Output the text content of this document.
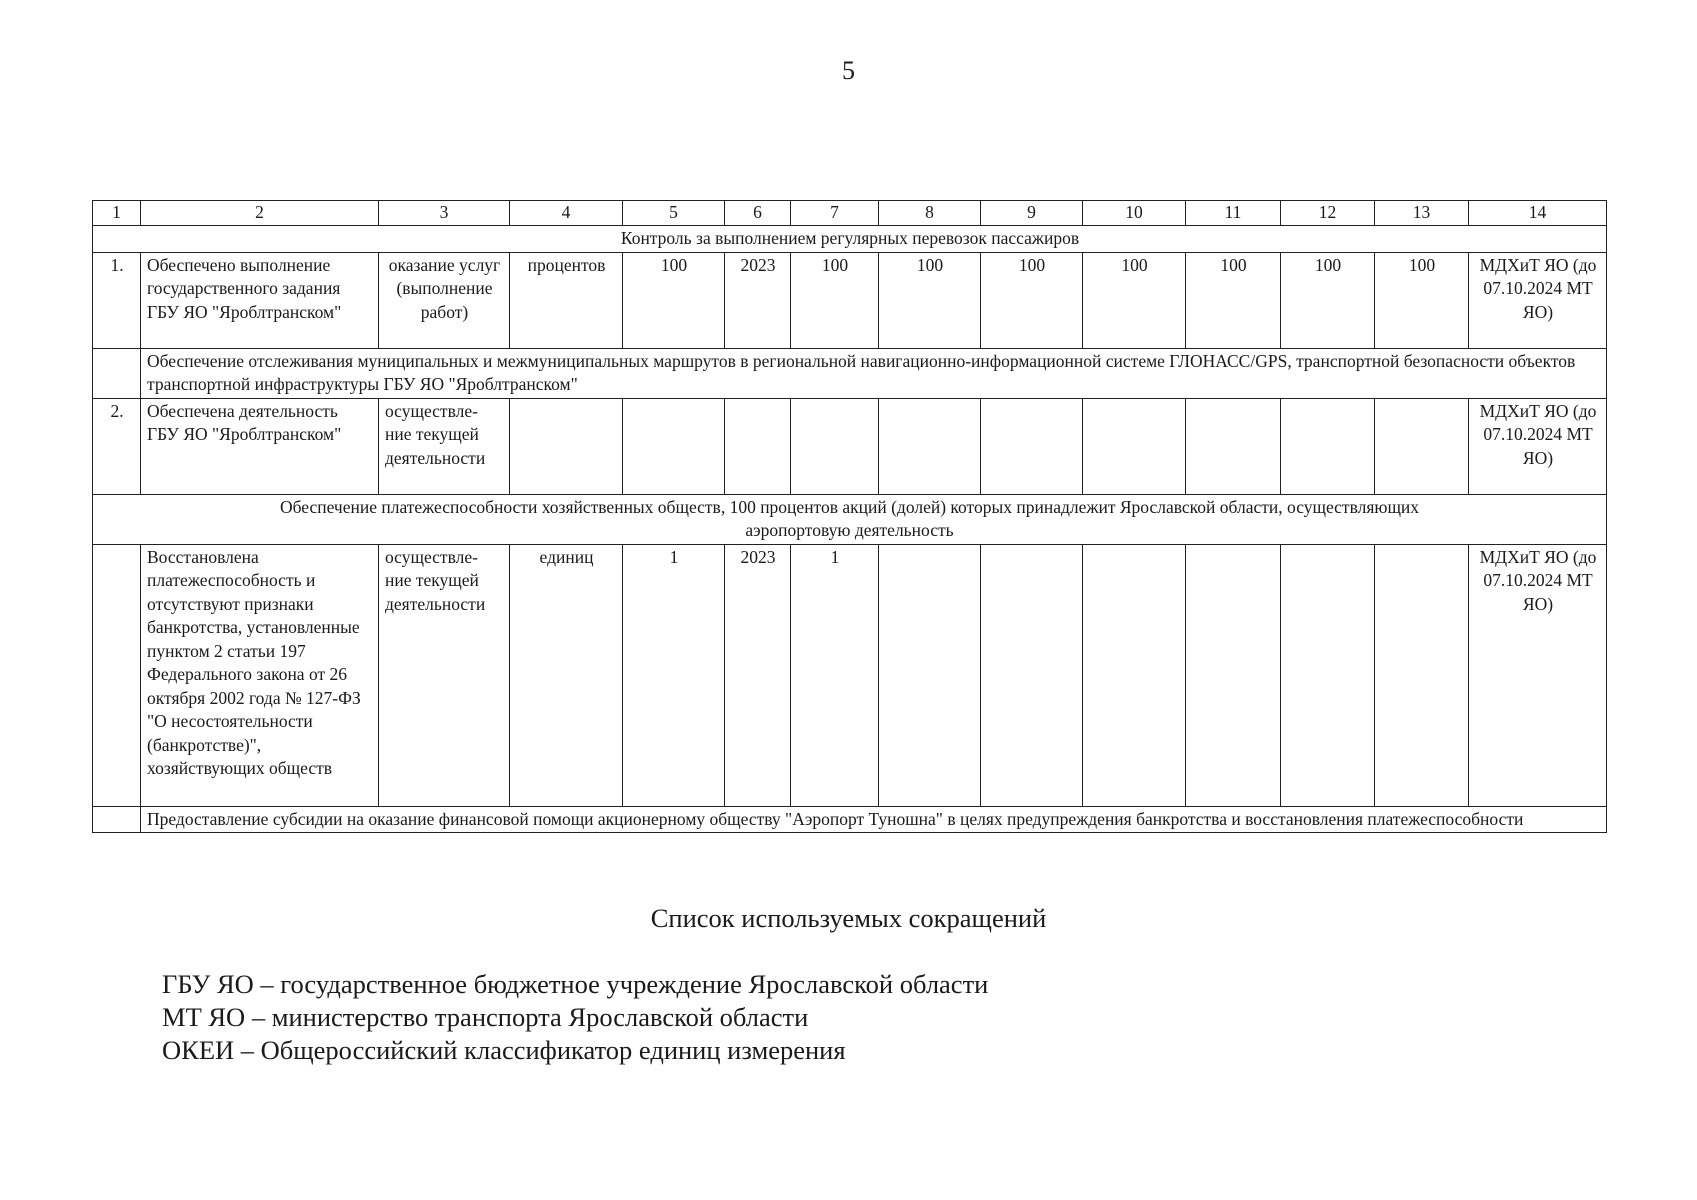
5
1	2	3	4	5	6	7	8	9	10	11	12	13	14
Контроль за выполнением регулярных перевозок пассажиров													
1.	Обеспечено выполнение государственного задания ГБУ ЯО "Яроблтранском"	оказание услуг (выполнение работ)	процентов	100	2023	100	100	100	100	100	100	100	МДХиТ ЯО (до 07.10.2024 МТ ЯО)
	Обеспечение отслеживания муниципальных и межмуниципальных маршрутов в региональной навигационно-информационной системе ГЛОНАСС/GPS, транспортной безопасности объектов транспортной инфраструктуры ГБУ ЯО "Яроблтранском"												
2.	Обеспечена деятельность ГБУ ЯО "Яроблтранском"	осуществле-ние текущей деятельности											МДХиТ ЯО (до 07.10.2024 МТ ЯО)
Обеспечение платежеспособности хозяйственных обществ, 100 процентов акций (долей) которых принадлежит Ярославской области, осуществляющих аэропортовую деятельность													
	Восстановлена платежеспособность и отсутствуют признаки банкротства, установленные пунктом 2 статьи 197 Федерального закона от 26 октября 2002 года № 127-ФЗ "О несостоятельности (банкротстве)", хозяйствующих обществ	осуществле-ние текущей деятельности	единиц	1	2023	1							МДХиТ ЯО (до 07.10.2024 МТ ЯО)
	Предоставление субсидии на оказание финансовой помощи акционерному обществу "Аэропорт Туношна" в целях предупреждения банкротства и восстановления платежеспособности												
Список используемых сокращений
ГБУ ЯО – государственное бюджетное учреждение Ярославской области
МТ ЯО – министерство транспорта Ярославской области
ОКЕИ – Общероссийский классификатор единиц измерения
